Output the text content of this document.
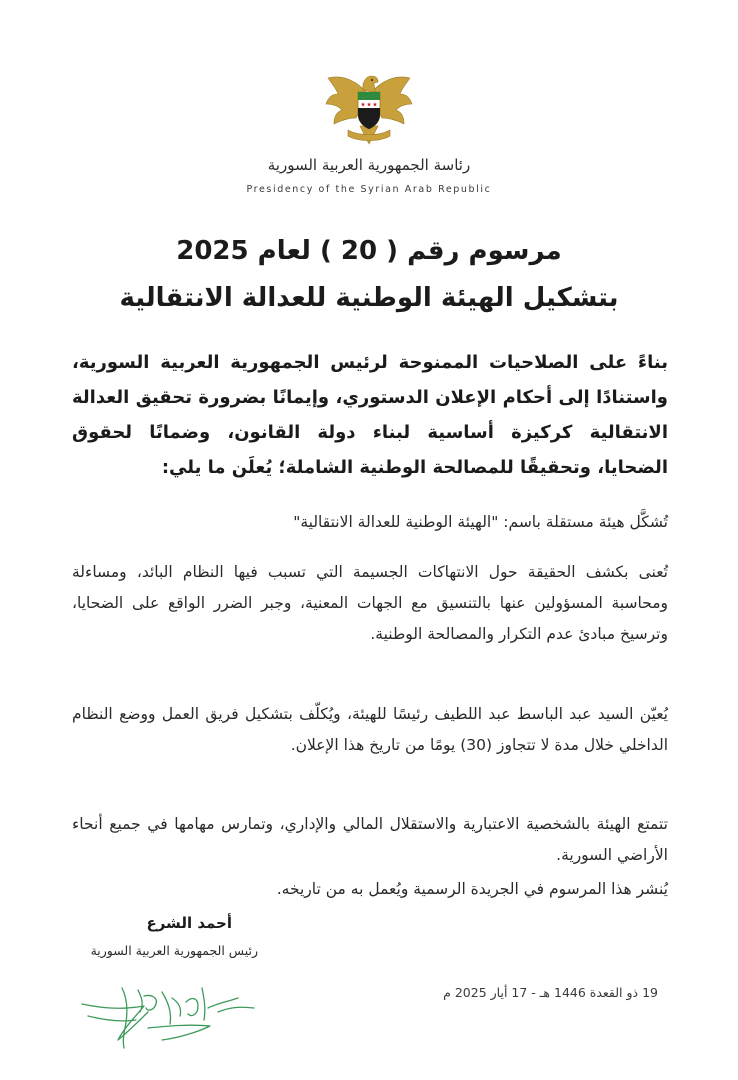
رئاسة الجمهورية العربية السورية
Presidency of the Syrian Arab Republic
مرسوم رقم ( 20 ) لعام 2025
بتشكيل الهيئة الوطنية للعدالة الانتقالية
بناءً على الصلاحيات الممنوحة لرئيس الجمهورية العربية السورية، واستنادًا إلى أحكام الإعلان الدستوري، وإيمانًا بضرورة تحقيق العدالة الانتقالية كركيزة أساسية لبناء دولة القانون، وضمانًا لحقوق الضحايا، وتحقيقًا للمصالحة الوطنية الشاملة؛ يُعلَن ما يلي:
تُشكَّل هيئة مستقلة باسم: "الهيئة الوطنية للعدالة الانتقالية"
تُعنى بكشف الحقيقة حول الانتهاكات الجسيمة التي تسبب فيها النظام البائد، ومساءلة ومحاسبة المسؤولين عنها بالتنسيق مع الجهات المعنية، وجبر الضرر الواقع على الضحايا، وترسيخ مبادئ عدم التكرار والمصالحة الوطنية.
يُعيّن السيد عبد الباسط عبد اللطيف رئيسًا للهيئة، ويُكلّف بتشكيل فريق العمل ووضع النظام الداخلي خلال مدة لا تتجاوز (30) يومًا من تاريخ هذا الإعلان.
تتمتع الهيئة بالشخصية الاعتبارية والاستقلال المالي والإداري، وتمارس مهامها في جميع أنحاء الأراضي السورية.
يُنشر هذا المرسوم في الجريدة الرسمية ويُعمل به من تاريخه.
أحمد الشرع
رئيس الجمهورية العربية السورية
19 ذو القعدة 1446 هـ - 17 أيار 2025 م
